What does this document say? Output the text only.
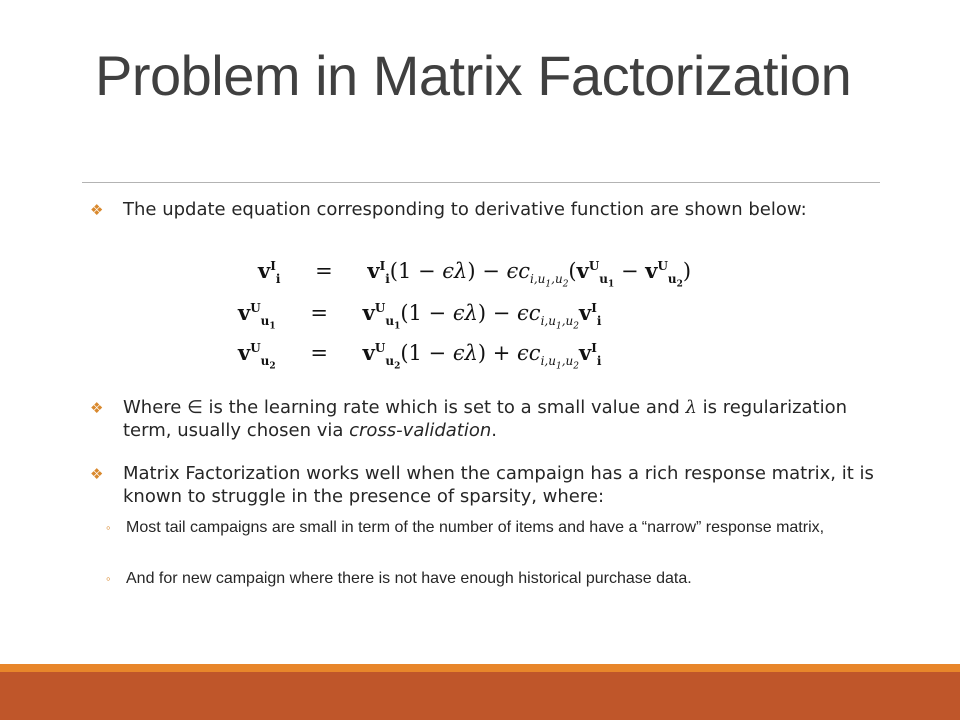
Problem in Matrix Factorization
❖	The update equation corresponding to derivative function are shown below:
$v^I_i = v^I_i(1 - \epsilon\lambda) - \epsilon c_{i,u_1,u_2}(v^U_{u_1} - v^U_{u_2})$
$v^U_{u_1} = v^U_{u_1}(1 - \epsilon\lambda) - \epsilon c_{i,u_1,u_2}v^I_i$
$v^U_{u_2} = v^U_{u_2}(1 - \epsilon\lambda) + \epsilon c_{i,u_1,u_2}v^I_i$
❖	Where ∈ is the learning rate which is set to a small value and λ is regularization term, usually chosen via cross-validation.
❖	Matrix Factorization works well when the campaign has a rich response matrix, it is known to struggle in the presence of sparsity, where:
◦ Most tail campaigns are small in term of the number of items and have a “narrow” response matrix,
◦ And for new campaign where there is not have enough historical purchase data.
